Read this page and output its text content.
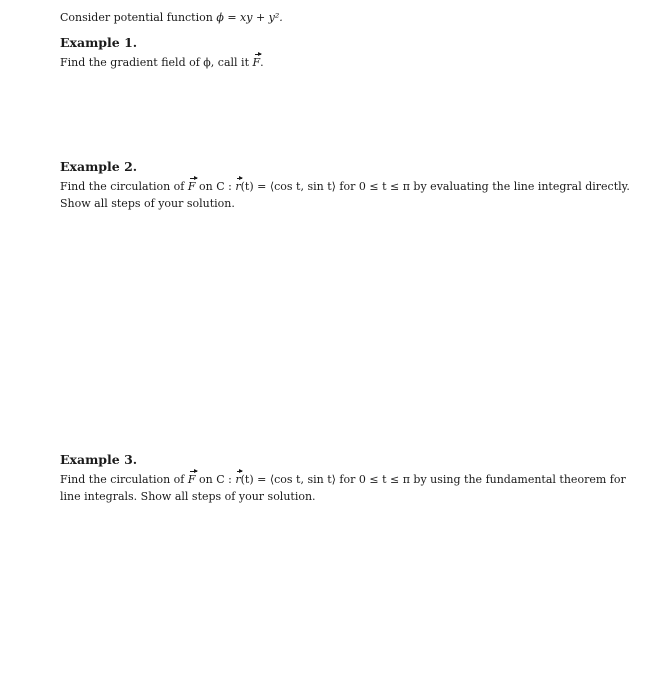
Consider potential function ϕ = xy + y².
Example 1.
Find the gradient field of ϕ, call it F.
Example 2.
Find the circulation of F on C : r(t) = ⟨cos t, sin t⟩ for 0 ≤ t ≤ π by evaluating the line integral directly.
Show all steps of your solution.
Example 3.
Find the circulation of F on C : r(t) = ⟨cos t, sin t⟩ for 0 ≤ t ≤ π by using the fundamental theorem for
line integrals. Show all steps of your solution.
